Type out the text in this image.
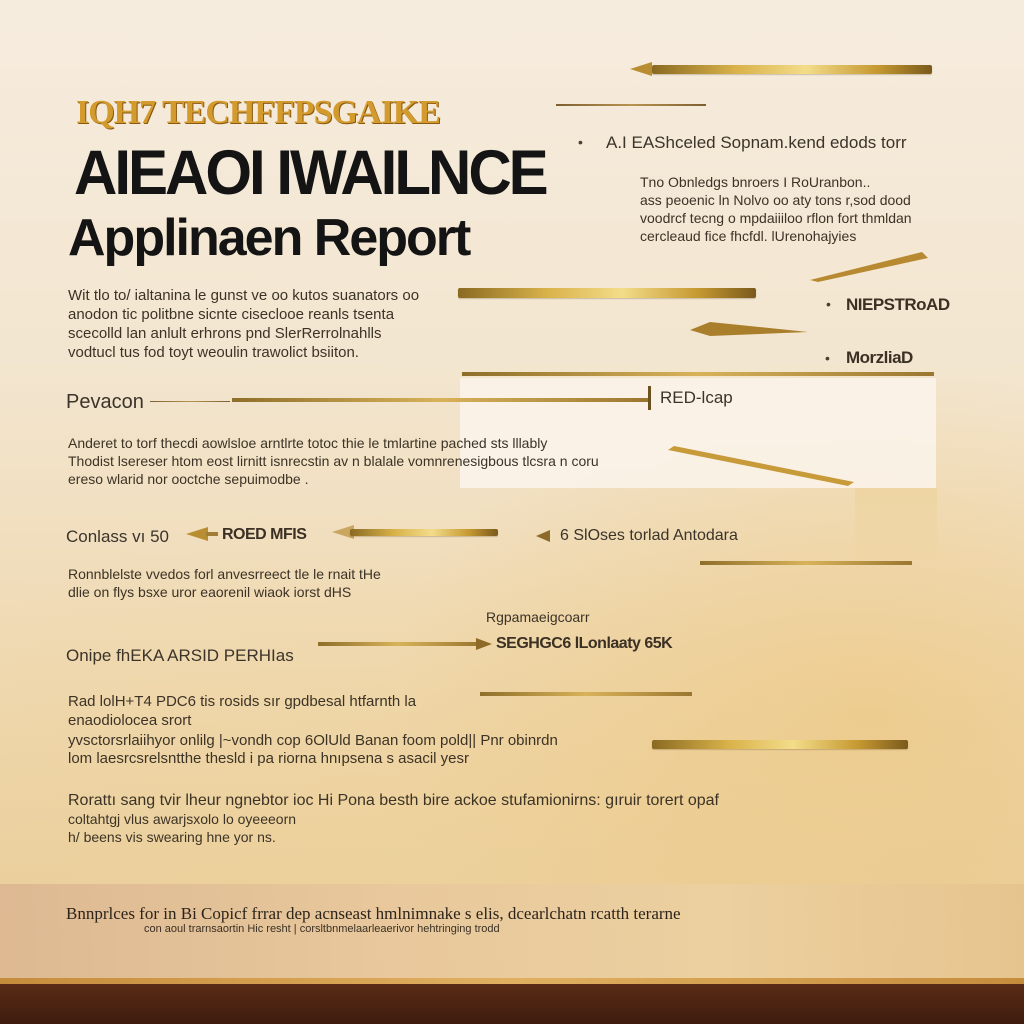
IQH7 TECHFFPSGAIKE
AIEAOI IWAILNCE
Applinaen Report
• A.I EAShceled Sopnam.kend edods torr
Tno Obnledgs bnroers I RoUranbon..
ass peoenic ln Nolvo oo aty tons r,sod dood
voodrcf tecng o mpdaiiiloo rflon fort thmldan
cercleaud fice fhcfdl. lUrenohajyies
• NIEPSTRoAD
• MorzliaD
Wit tlo to/ ialtanina le gunst ve oo kutos suanators oo
anodon tic politbne sicnte ciseclooe reanls tsenta
scecolld lan anlult erhrons pnd SlerRerrolnahlls
vodtucl tus fod toyt weoulin trawolict bsiiton.
Pevacon	RED-lcap
Anderet to torf thecdi aowlsloe arntlrte totoc thie le tmlartine pached sts lllably
Thodist lsereser htom eost lirnitt isnrecstin av n blalale vomnrenesigbous tlcsra n coru
ereso wlarid nor ooctche sepuimodbe .
Conlass vı 50	ROED MFIS	6 SlOses torlad Antodara
Ronnblelste vvedos forl anvesrreect tle le rnait tHe
dlie on flys bsxe uror eaorenil wiaok iorst dHS
Rgpamaeigcoarr
Onipe fhEKA ARSID PERHIas
SEGHGC6 lLonlaaty 65K
Rad lolH+T4 PDC6 tis rosids sır gpdbesal htfarnth la
enaodiolocea srort
yvsctorsrlaiihyor onlilg |~vondh cop 6OlUld Banan foom pold|| Pnr obinrdn
lom laesrcsrelsntthe thesld i pa riorna hnıpsena s asacil yesr
Rorattı sang tvir lheur ngnebtor ioc Hi Pona besth bire ackoe stufamionirns: gıruir torert opaf
coltahtgj vlus awarjsxolo lo oyeeeorn
h/ beens vis swearing hne yor ns.
Bnnprlces for in Bi Copicf frrar dep acnseast hmlnimnake s elis, dcearlchatn rcatth terarne
con aoul trarnsaortin Hic resht | corsltbnmelaarleaerivor hehtringing trodd
